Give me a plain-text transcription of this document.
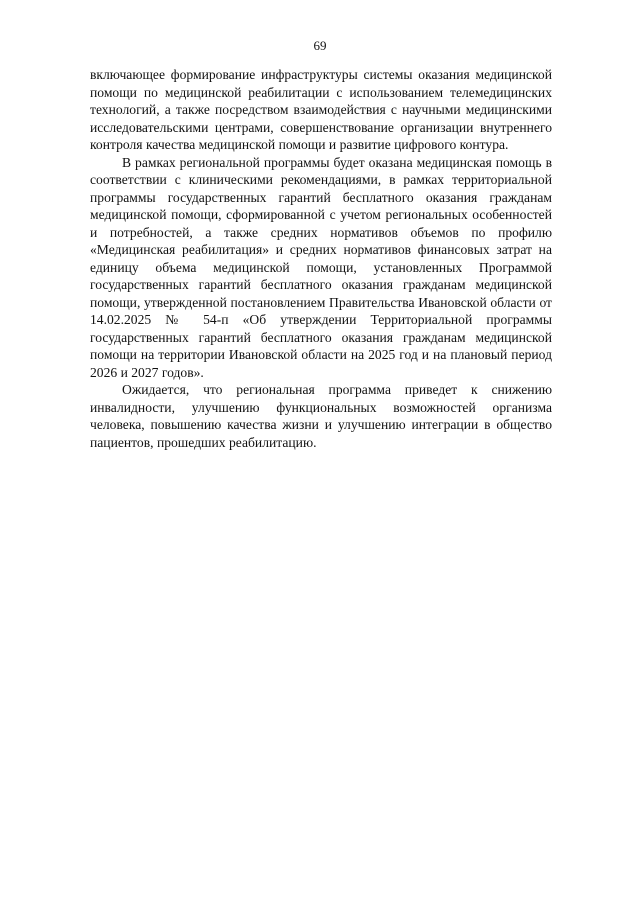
69

включающее формирование инфраструктуры системы оказания медицинской помощи по медицинской реабилитации с использованием телемедицинских технологий, а также посредством взаимодействия с научными медицинскими исследовательскими центрами, совершенствование организации внутреннего контроля качества медицинской помощи и развитие цифрового контура.

В рамках региональной программы будет оказана медицинская помощь в соответствии с клиническими рекомендациями, в рамках территориальной программы государственных гарантий бесплатного оказания гражданам медицинской помощи, сформированной с учетом региональных особенностей и потребностей, а также средних нормативов объемов по профилю «Медицинская реабилитация» и средних нормативов финансовых затрат на единицу объема медицинской помощи, установленных Программой государственных гарантий бесплатного оказания гражданам медицинской помощи, утвержденной постановлением Правительства Ивановской области от 14.02.2025 № 54-п «Об утверждении Территориальной программы государственных гарантий бесплатного оказания гражданам медицинской помощи на территории Ивановской области на 2025 год и на плановый период 2026 и 2027 годов».

Ожидается, что региональная программа приведет к снижению инвалидности, улучшению функциональных возможностей организма человека, повышению качества жизни и улучшению интеграции в общество пациентов, прошедших реабилитацию.
